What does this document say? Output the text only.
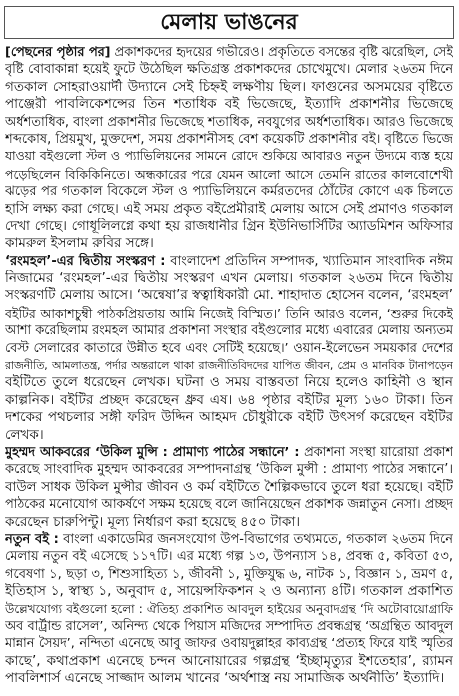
মেলায় ভাঙনের
[পেছনের পৃষ্ঠার পর] প্রকাশকদের হৃদয়ের গভীরেও। প্রকৃতিতে বসন্তের বৃষ্টি ঝরেছিল, সেই
বৃষ্টি বোবাকান্না হয়েই ফুটে উঠেছিল ক্ষতিগ্রস্ত প্রকাশকদের চোখেমুখে। মেলার ২৬তম দিনে
গতকাল সোহরাওয়ার্দী উদ্যানে সেই চিহ্নই লক্ষণীয় ছিল। ফাগুনের অসময়ের বৃষ্টিতে
পাঞ্জেরী পাবলিকেশন্সের তিন শতাধিক বই ভিজেছে, ইত্যাদি প্রকাশনীর ভিজেছে
অর্ধশতাধিক, বাংলা প্রকাশনীর ভিজেছে শতাধিক, নবযুগের অর্ধশতাধিক। আরও ভিজেছে
শব্দকোষ, প্রিয়মুখ, মুক্তদেশ, সময় প্রকাশনীসহ বেশ কয়েকটি প্রকাশনীর বই। বৃষ্টিতে ভিজে
যাওয়া বইগুলো স্টল ও প্যাভিলিয়নের সামনে রোদে শুকিয়ে আবারও নতুন উদ্যমে ব্যস্ত হয়ে
পড়েছিলেন বিকিকিনিতে। অন্ধকারের পরে যেমন আলো আসে তেমনি রাতের কালবোশেখী
ঝড়ের পর গতকাল বিকেলে স্টল ও প্যাভিলিয়নে কর্মরতদের ঠোঁটের কোণে এক চিলতে
হাসি লক্ষ্য করা গেছে। এই সময় প্রকৃত বইপ্রেমীরাই মেলায় আসে সেই প্রমাণও গতকাল
দেখা গেছে। গোধূলিলগ্নে কথা হয় রাজধানীর গ্রিন ইউনিভার্সিটির অ্যাডমিশন অফিসার
কামরুল ইসলাম রুবির সঙ্গে।
‘রংমহল’-এর দ্বিতীয় সংস্করণ : বাংলাদেশ প্রতিদিন সম্পাদক, খ্যাতিমান সাংবাদিক নঈম
নিজামের ‘রংমহল’-এর দ্বিতীয় সংস্করণ এখন মেলায়। গতকাল ২৬তম দিনে দ্বিতীয়
সংস্করণটি মেলায় আসে। ‘অন্বেষা’র স্বত্বাধিকারী মো. শাহাদাত হোসেন বলেন, ‘রংমহল’
বইটির আকাশচুম্বী পাঠকপ্রিয়তায় আমি নিজেই বিস্মিত।’ তিনি আরও বলেন, ‘শুরুর দিকেই
আশা করেছিলাম রংমহল আমার প্রকাশনা সংস্থার বইগুলোর মধ্যে এবারের মেলায় অন্যতম
বেস্ট সেলারের কাতারে উন্নীত হবে এবং সেটিই হয়েছে।’ ওয়ান-ইলেভেন সময়কার দেশের
রাজনীতি, আমলাতন্ত্র, পর্দার অন্তরালে থাকা রাজনীতিবিদদের যাপিত জীবন, প্রেম ও মানবিক টানাপড়েন
বইটিতে তুলে ধরেছেন লেখক। ঘটনা ও সময় বাস্তবতা নিয়ে হলেও কাহিনী ও স্থান
কাল্পনিক। বইটির প্রচ্ছদ করেছেন ধ্রুব এষ। ৬৪ পৃষ্ঠার বইটির মূল্য ১৬০ টাকা। তিন
দশকের পথচলার সঙ্গী ফরিদ উদ্দিন আহমদ চৌধুরীকে বইটি উৎসর্গ করেছেন বইটির
লেখক।
মুহম্মদ আকবরের ‘উকিল মুন্সি : প্রামাণ্য পাঠের সন্ধানে’ : প্রকাশনা সংস্থা য়ারোয়া প্রকাশ
করেছে সাংবাদিক মুহম্মদ আকবরের সম্পাদনাগ্রন্থ ‘উকিল মুন্সী : প্রামাণ্য পাঠের সন্ধানে’।
বাউল সাধক উকিল মুন্সীর জীবন ও কর্ম বইটিতে শৈল্পিকভাবে তুলে ধরা হয়েছে। বইটি
পাঠকের মনোযোগ আকর্ষণে সক্ষম হয়েছে বলে জানিয়েছেন প্রকাশক জন্নাতুন নেসা। প্রচ্ছদ
করেছেন চারুপিন্টু। মূল্য নির্ধারণ করা হয়েছে ৪৫০ টাকা।
নতুন বই : বাংলা একাডেমির জনসংযোগ উপ-বিভাগের তথ্যমতে, গতকাল ২৬তম দিনে
মেলায় নতুন বই এসেছে ১১৭টি। এর মধ্যে গল্প ১৩, উপন্যাস ১৪, প্রবন্ধ ৫, কবিতা ৫৩,
গবেষণা ১, ছড়া ৩, শিশুসাহিত্য ১, জীবনী ১, মুক্তিযুদ্ধ ৬, নাটক ১, বিজ্ঞান ১, ভ্রমণ ৫,
ইতিহাস ১, স্বাস্থ্য ১, অনুবাদ ৫, সায়েন্সফিকশন ২ ও অন্যান্য ৪টি। গতকাল প্রকাশিত
উল্লেখযোগ্য বইগুলো হলো : ঐতিহ্য প্রকাশিত আবদুল হাইয়ের অনুবাদগ্রন্থ ‘দি অটোবায়োগ্রাফি
অব বার্ট্রান্ড রাসেল’, অনিন্দ্য থেকে পিয়াস মজিদের সম্পাদিত প্রবন্ধগ্রন্থ ‘অগ্রন্থিত আবদুল
মান্নান সৈয়দ’, নন্দিতা এনেছে আবু জাফর ওবায়দুল্লাহর কাব্যগ্রন্থ ‘প্রত্যহ ফিরে যাই স্মৃতির
কাছে’, কথাপ্রকাশ এনেছে চন্দন আনোয়ারের গল্পগ্রন্থ ‘ইচ্ছামৃত্যুর ইশতেহার’, র‍্যামন
পাবলিশার্স এনেছে সাজ্জাদ আলম খানের ‘অর্থশাস্ত্র নয় সামাজিক অর্থনীতি’ ইত্যাদি।
